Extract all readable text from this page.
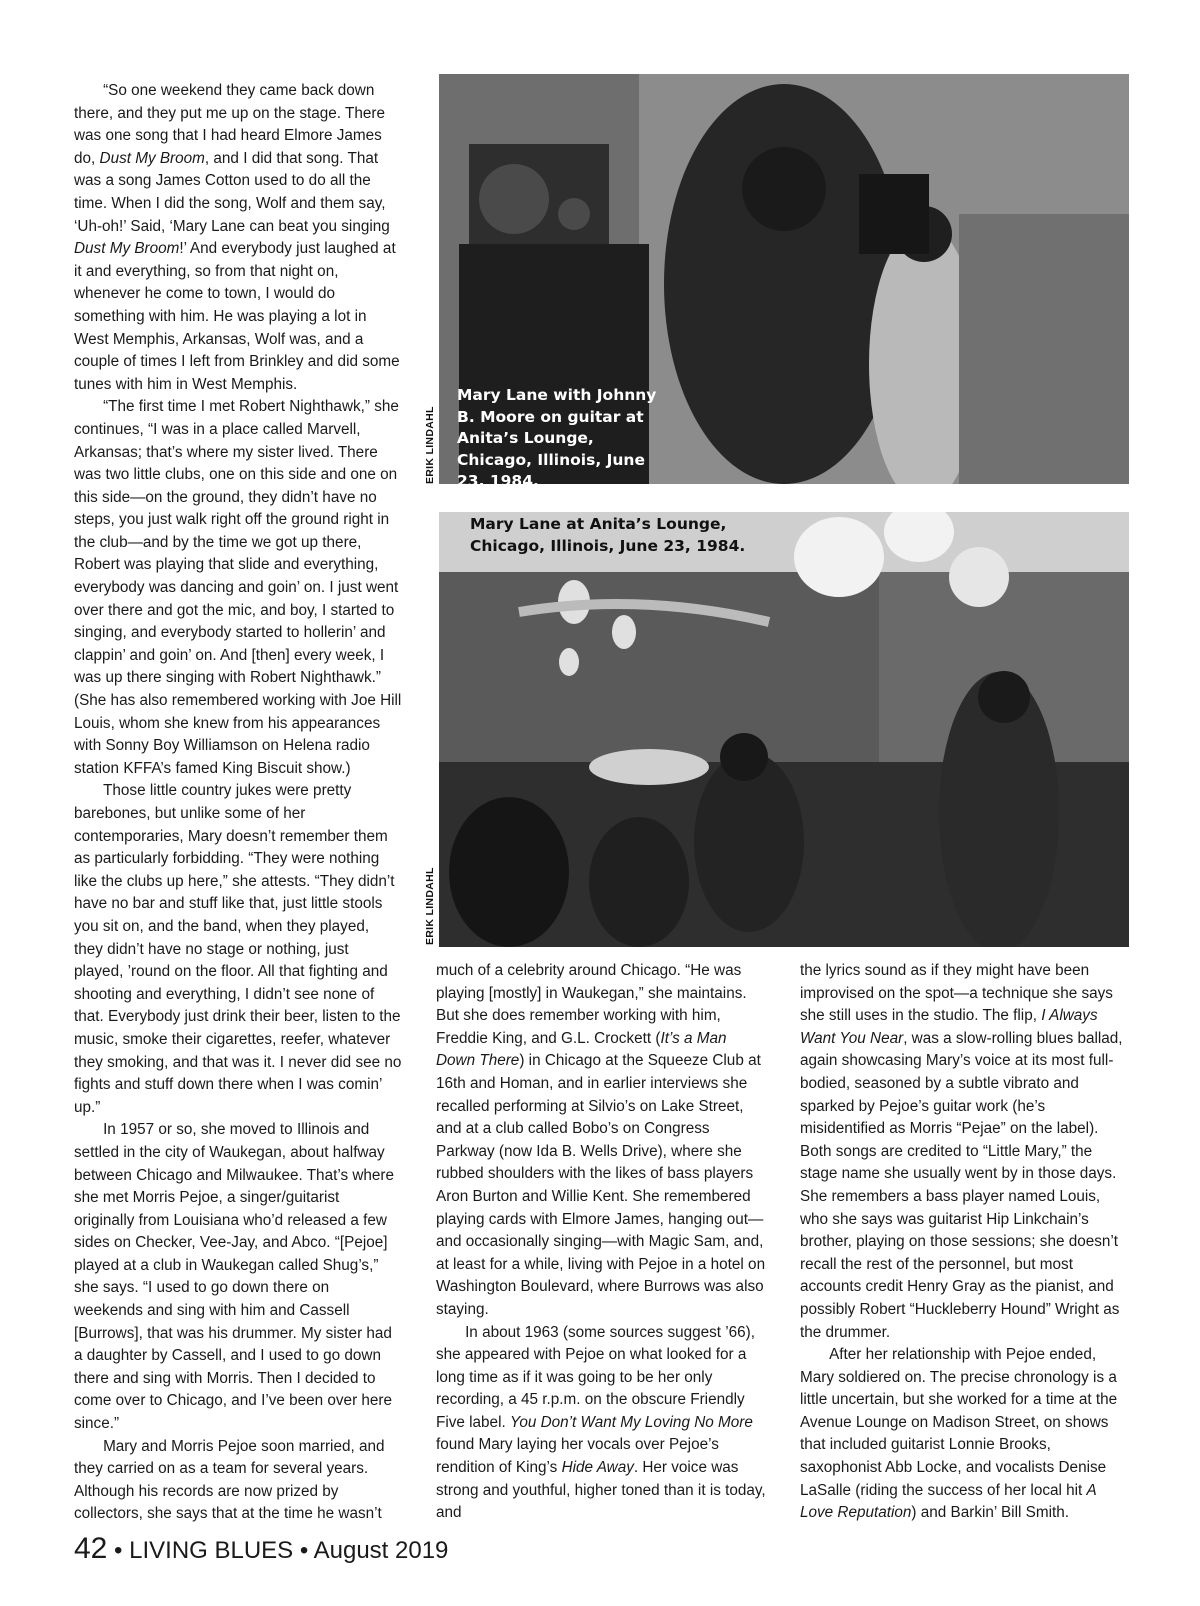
“So one weekend they came back down there, and they put me up on the stage. There was one song that I had heard Elmore James do, Dust My Broom, and I did that song. That was a song James Cotton used to do all the time. When I did the song, Wolf and them say, ‘Uh-oh!’ Said, ‘Mary Lane can beat you singing Dust My Broom!’ And everybody just laughed at it and everything, so from that night on, whenever he come to town, I would do something with him. He was playing a lot in West Memphis, Arkansas, Wolf was, and a couple of times I left from Brinkley and did some tunes with him in West Memphis.

“The first time I met Robert Nighthawk,” she continues, “I was in a place called Marvell, Arkansas; that’s where my sister lived. There was two little clubs, one on this side and one on this side—on the ground, they didn’t have no steps, you just walk right off the ground right in the club—and by the time we got up there, Robert was playing that slide and everything, everybody was dancing and goin’ on. I just went over there and got the mic, and boy, I started to singing, and everybody started to hollerin’ and clappin’ and goin’ on. And [then] every week, I was up there singing with Robert Nighthawk.” (She has also remembered working with Joe Hill Louis, whom she knew from his appearances with Sonny Boy Williamson on Helena radio station KFFA’s famed King Biscuit show.)

Those little country jukes were pretty barebones, but unlike some of her contemporaries, Mary doesn’t remember them as particularly forbidding. “They were nothing like the clubs up here,” she attests. “They didn’t have no bar and stuff like that, just little stools you sit on, and the band, when they played, they didn’t have no stage or nothing, just played, ’round on the floor. All that fighting and shooting and everything, I didn’t see none of that. Everybody just drink their beer, listen to the music, smoke their cigarettes, reefer, whatever they smoking, and that was it. I never did see no fights and stuff down there when I was comin’ up.”

In 1957 or so, she moved to Illinois and settled in the city of Waukegan, about halfway between Chicago and Milwaukee. That’s where she met Morris Pejoe, a singer/guitarist originally from Louisiana who’d released a few sides on Checker, Vee-Jay, and Abco. “[Pejoe] played at a club in Waukegan called Shug’s,” she says. “I used to go down there on weekends and sing with him and Cassell [Burrows], that was his drummer. My sister had a daughter by Cassell, and I used to go down there and sing with Morris. Then I decided to come over to Chicago, and I’ve been over here since.”

Mary and Morris Pejoe soon married, and they carried on as a team for several years. Although his records are now prized by collectors, she says that at the time he wasn’t

Mary Lane with Johnny B. Moore on guitar at Anita’s Lounge, Chicago, Illinois, June 23, 1984.
ERIK LINDAHL
Mary Lane at Anita’s Lounge, Chicago, Illinois, June 23, 1984.
ERIK LINDAHL

much of a celebrity around Chicago. “He was playing [mostly] in Waukegan,” she maintains. But she does remember working with him, Freddie King, and G.L. Crockett (It’s a Man Down There) in Chicago at the Squeeze Club at 16th and Homan, and in earlier interviews she recalled performing at Silvio’s on Lake Street, and at a club called Bobo’s on Congress Parkway (now Ida B. Wells Drive), where she rubbed shoulders with the likes of bass players Aron Burton and Willie Kent. She remembered playing cards with Elmore James, hanging out—and occasionally singing—with Magic Sam, and, at least for a while, living with Pejoe in a hotel on Washington Boulevard, where Burrows was also staying.

In about 1963 (some sources suggest ’66), she appeared with Pejoe on what looked for a long time as if it was going to be her only recording, a 45 r.p.m. on the obscure Friendly Five label. You Don’t Want My Loving No More found Mary laying her vocals over Pejoe’s rendition of King’s Hide Away. Her voice was strong and youthful, higher toned than it is today, and

the lyrics sound as if they might have been improvised on the spot—a technique she says she still uses in the studio. The flip, I Always Want You Near, was a slow-rolling blues ballad, again showcasing Mary’s voice at its most full-bodied, seasoned by a subtle vibrato and sparked by Pejoe’s guitar work (he’s misidentified as Morris “Pejae” on the label). Both songs are credited to “Little Mary,” the stage name she usually went by in those days. She remembers a bass player named Louis, who she says was guitarist Hip Linkchain’s brother, playing on those sessions; she doesn’t recall the rest of the personnel, but most accounts credit Henry Gray as the pianist, and possibly Robert “Huckleberry Hound” Wright as the drummer.

After her relationship with Pejoe ended, Mary soldiered on. The precise chronology is a little uncertain, but she worked for a time at the Avenue Lounge on Madison Street, on shows that included guitarist Lonnie Brooks, saxophonist Abb Locke, and vocalists Denise LaSalle (riding the success of her local hit A Love Reputation) and Barkin’ Bill Smith.

42 • LIVING BLUES • August 2019
